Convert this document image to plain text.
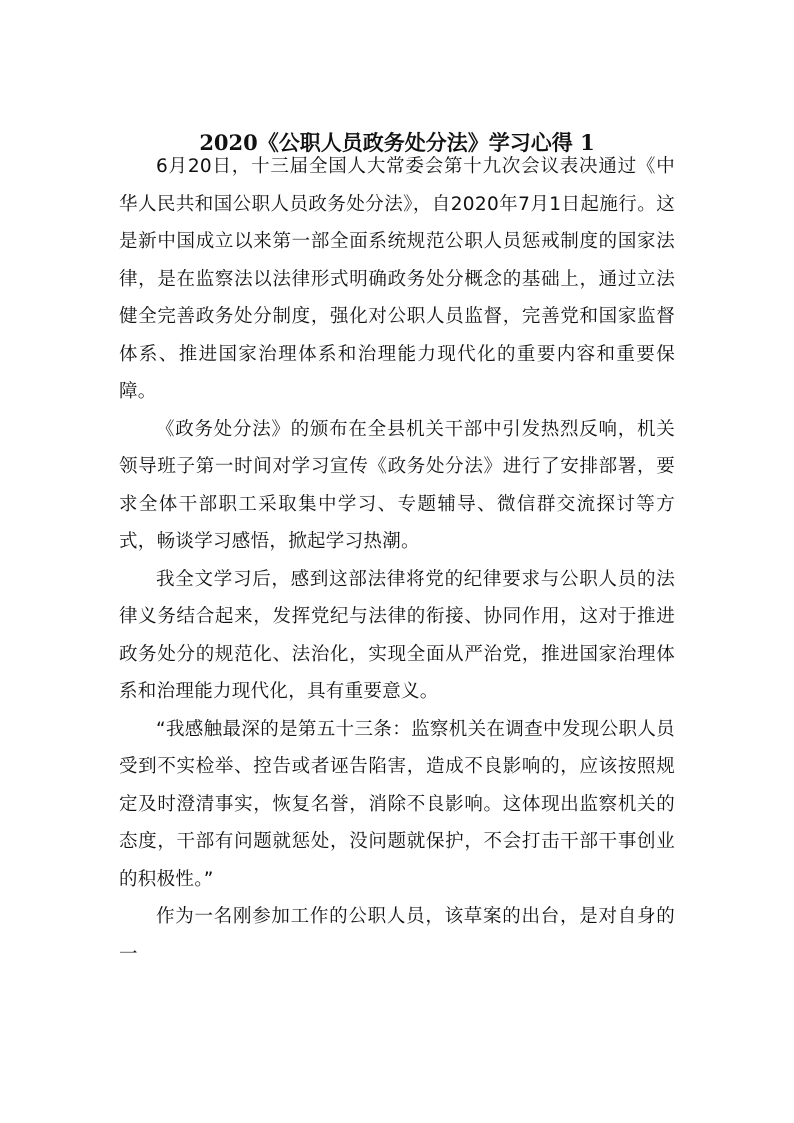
2020《公职人员政务处分法》学习心得 1

6月20日，十三届全国人大常委会第十九次会议表决通过《中华人民共和国公职人员政务处分法》，自2020年7月1日起施行。这是新中国成立以来第一部全面系统规范公职人员惩戒制度的国家法律，是在监察法以法律形式明确政务处分概念的基础上，通过立法健全完善政务处分制度，强化对公职人员监督，完善党和国家监督体系、推进国家治理体系和治理能力现代化的重要内容和重要保障。

《政务处分法》的颁布在全县机关干部中引发热烈反响，机关领导班子第一时间对学习宣传《政务处分法》进行了安排部署，要求全体干部职工采取集中学习、专题辅导、微信群交流探讨等方式，畅谈学习感悟，掀起学习热潮。

我全文学习后，感到这部法律将党的纪律要求与公职人员的法律义务结合起来，发挥党纪与法律的衔接、协同作用，这对于推进政务处分的规范化、法治化，实现全面从严治党，推进国家治理体系和治理能力现代化，具有重要意义。

“我感触最深的是第五十三条：监察机关在调查中发现公职人员受到不实检举、控告或者诬告陷害，造成不良影响的，应该按照规定及时澄清事实，恢复名誉，消除不良影响。这体现出监察机关的态度，干部有问题就惩处，没问题就保护，不会打击干部干事创业的积极性。”

作为一名刚参加工作的公职人员，该草案的出台，是对自身的一
